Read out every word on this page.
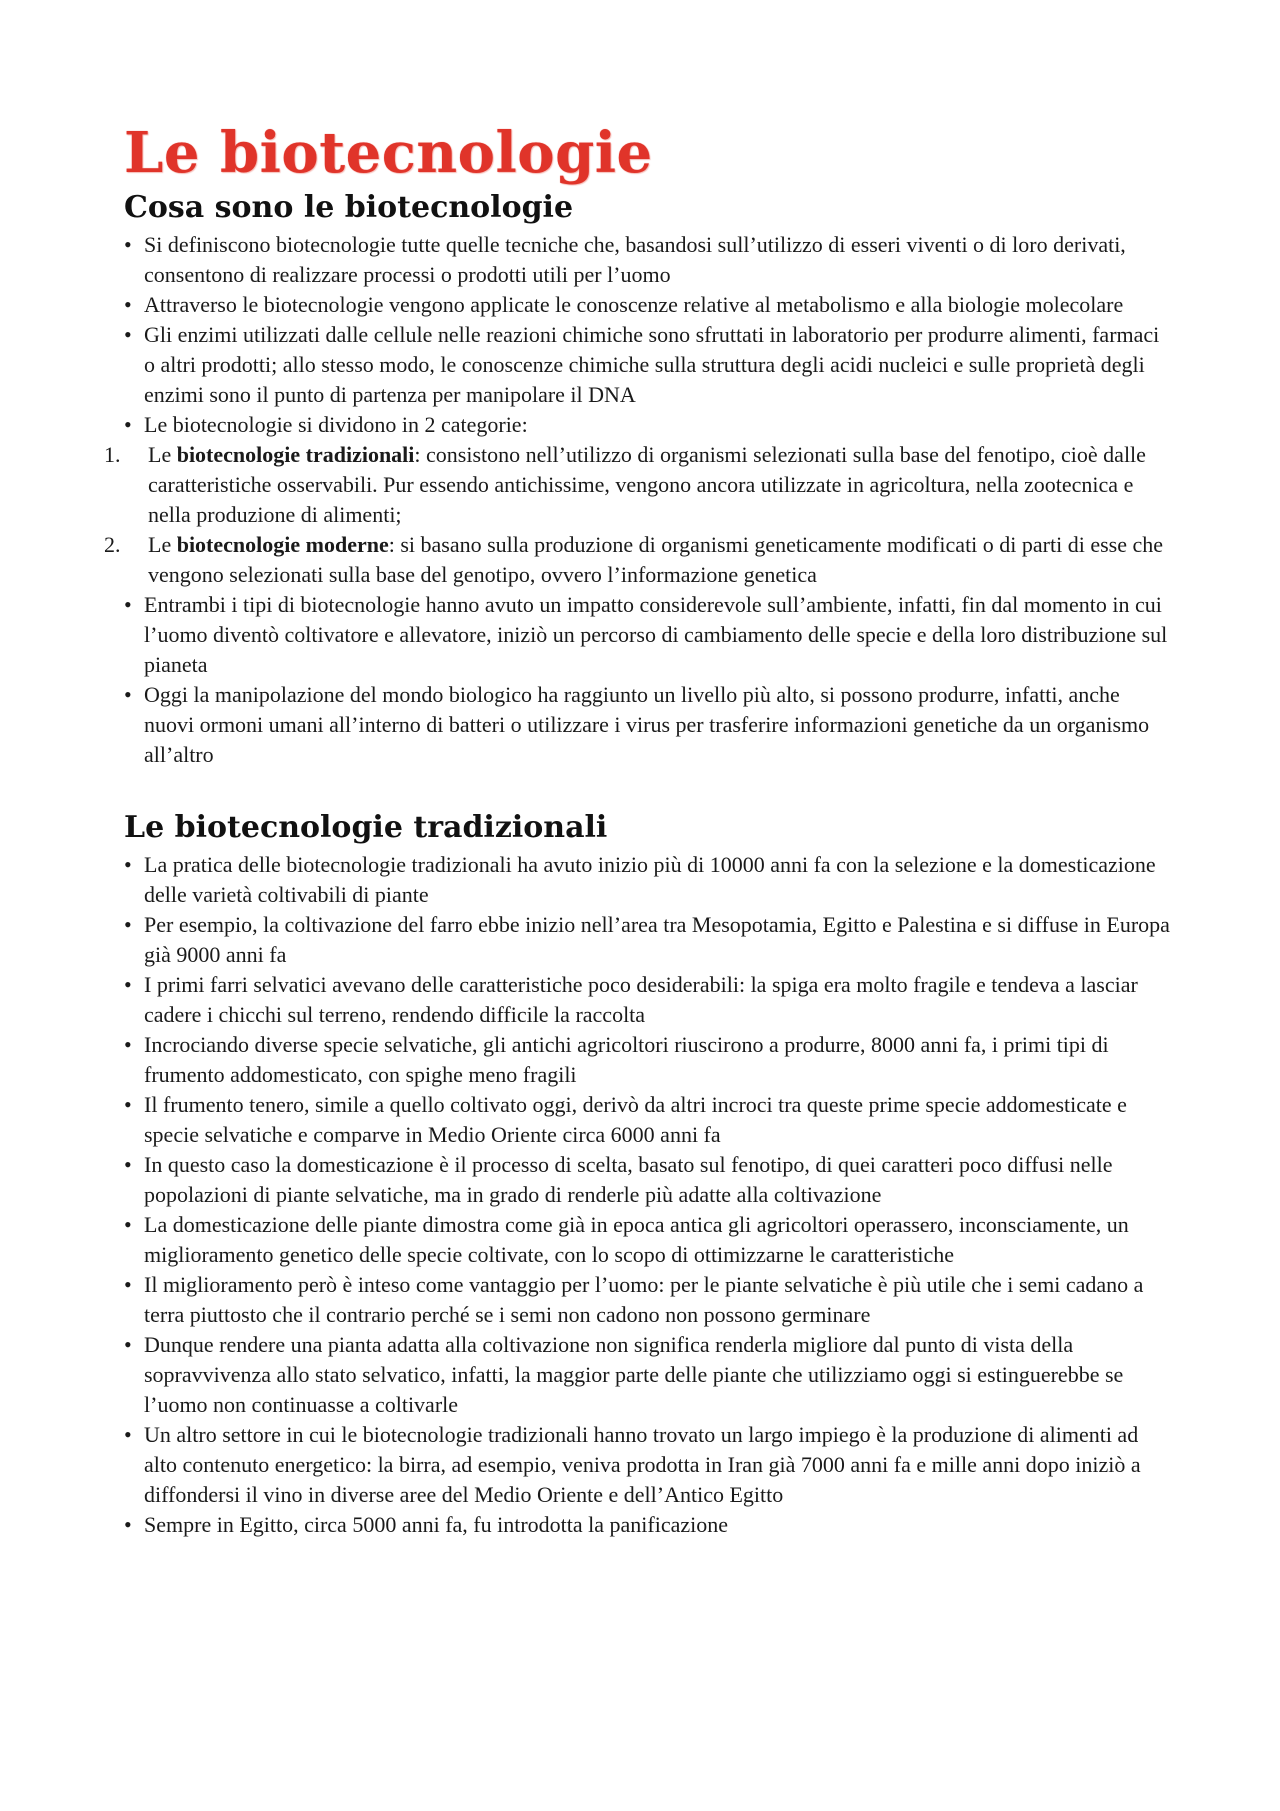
Le biotecnologie
Cosa sono le biotecnologie
• Si definiscono biotecnologie tutte quelle tecniche che, basandosi sull’utilizzo di esseri viventi o di loro derivati, consentono di realizzare processi o prodotti utili per l’uomo
• Attraverso le biotecnologie vengono applicate le conoscenze relative al metabolismo e alla biologie molecolare
• Gli enzimi utilizzati dalle cellule nelle reazioni chimiche sono sfruttati in laboratorio per produrre alimenti, farmaci o altri prodotti; allo stesso modo, le conoscenze chimiche sulla struttura degli acidi nucleici e sulle proprietà degli enzimi sono il punto di partenza per manipolare il DNA
• Le biotecnologie si dividono in 2 categorie:
1. Le biotecnologie tradizionali: consistono nell’utilizzo di organismi selezionati sulla base del fenotipo, cioè dalle caratteristiche osservabili. Pur essendo antichissime, vengono ancora utilizzate in agricoltura, nella zootecnica e nella produzione di alimenti;
2. Le biotecnologie moderne: si basano sulla produzione di organismi geneticamente modificati o di parti di esse che vengono selezionati sulla base del genotipo, ovvero l’informazione genetica
• Entrambi i tipi di biotecnologie hanno avuto un impatto considerevole sull’ambiente, infatti, fin dal momento in cui l’uomo diventò coltivatore e allevatore, iniziò un percorso di cambiamento delle specie e della loro distribuzione sul pianeta
• Oggi la manipolazione del mondo biologico ha raggiunto un livello più alto, si possono produrre, infatti, anche nuovi ormoni umani all’interno di batteri o utilizzare i virus per trasferire informazioni genetiche da un organismo all’altro
Le biotecnologie tradizionali
• La pratica delle biotecnologie tradizionali ha avuto inizio più di 10000 anni fa con la selezione e la domesticazione delle varietà coltivabili di piante
• Per esempio, la coltivazione del farro ebbe inizio nell’area tra Mesopotamia, Egitto e Palestina e si diffuse in Europa già 9000 anni fa
• I primi farri selvatici avevano delle caratteristiche poco desiderabili: la spiga era molto fragile e tendeva a lasciar cadere i chicchi sul terreno, rendendo difficile la raccolta
• Incrociando diverse specie selvatiche, gli antichi agricoltori riuscirono a produrre, 8000 anni fa, i primi tipi di frumento addomesticato, con spighe meno fragili
• Il frumento tenero, simile a quello coltivato oggi, derivò da altri incroci tra queste prime specie addomesticate e specie selvatiche e comparve in Medio Oriente circa 6000 anni fa
• In questo caso la domesticazione è il processo di scelta, basato sul fenotipo, di quei caratteri poco diffusi nelle popolazioni di piante selvatiche, ma in grado di renderle più adatte alla coltivazione
• La domesticazione delle piante dimostra come già in epoca antica gli agricoltori operassero, inconsciamente, un miglioramento genetico delle specie coltivate, con lo scopo di ottimizzarne le caratteristiche
• Il miglioramento però è inteso come vantaggio per l’uomo: per le piante selvatiche è più utile che i semi cadano a terra piuttosto che il contrario perché se i semi non cadono non possono germinare
• Dunque rendere una pianta adatta alla coltivazione non significa renderla migliore dal punto di vista della sopravvivenza allo stato selvatico, infatti, la maggior parte delle piante che utilizziamo oggi si estinguerebbe se l’uomo non continuasse a coltivarle
• Un altro settore in cui le biotecnologie tradizionali hanno trovato un largo impiego è la produzione di alimenti ad alto contenuto energetico: la birra, ad esempio, veniva prodotta in Iran già 7000 anni fa e mille anni dopo iniziò a diffondersi il vino in diverse aree del Medio Oriente e dell’Antico Egitto
• Sempre in Egitto, circa 5000 anni fa, fu introdotta la panificazione
